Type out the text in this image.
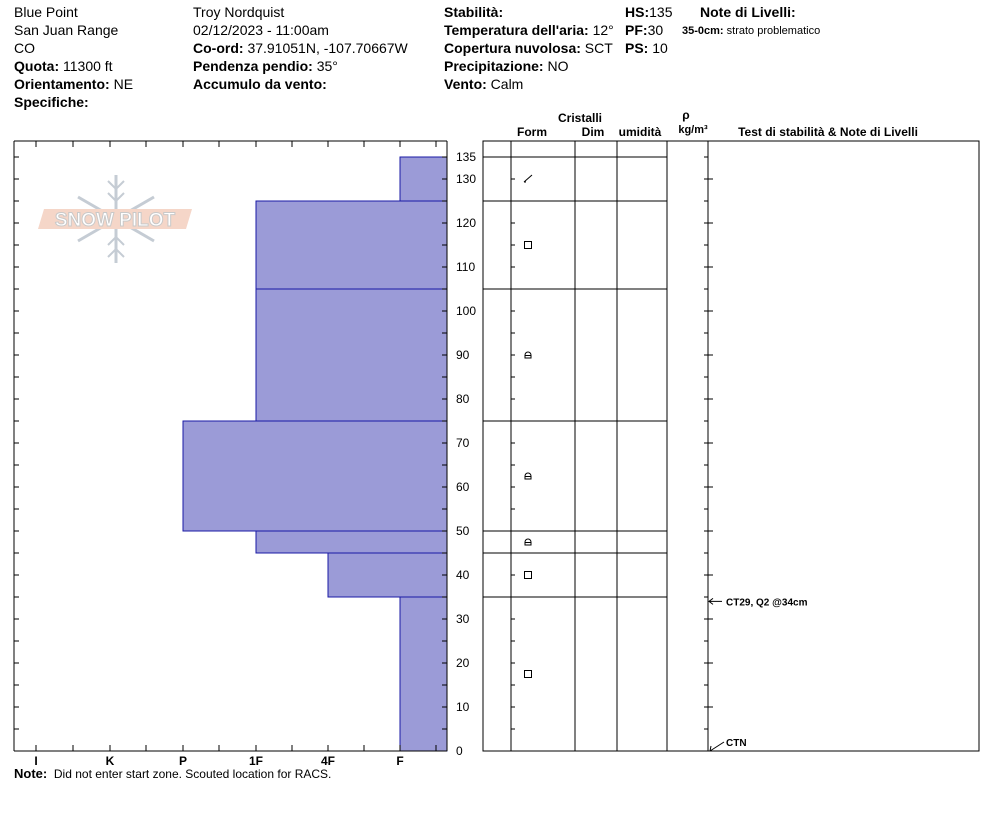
Blue Point
San Juan Range
CO
Quota: 11300 ft
Orientamento: NE
Specifiche:
Troy Nordquist
02/12/2023 - 11:00am
Co-ord: 37.91051N, -107.70667W
Pendenza pendio: 35°
Accumulo da vento:
Stabilità:
Temperatura dell'aria: 12°
Copertura nuvolosa: SCT
Precipitazione: NO
Vento: Calm
HS:135
PF:30
PS: 10
Note di Livelli:
35-0cm: strato problematico
SNOW PILOT
I	K	P	1F	4F	F
0
10
20
30
40
50
60
70
80
90
100
110
120
130
135
CT29, Q2 @34cm
CTN
Cristalli
Form	Dim umidità
ρ
kg/m³	Test di stabilità & Note di Livelli
Note: Did not enter start zone. Scouted location for RACS.
